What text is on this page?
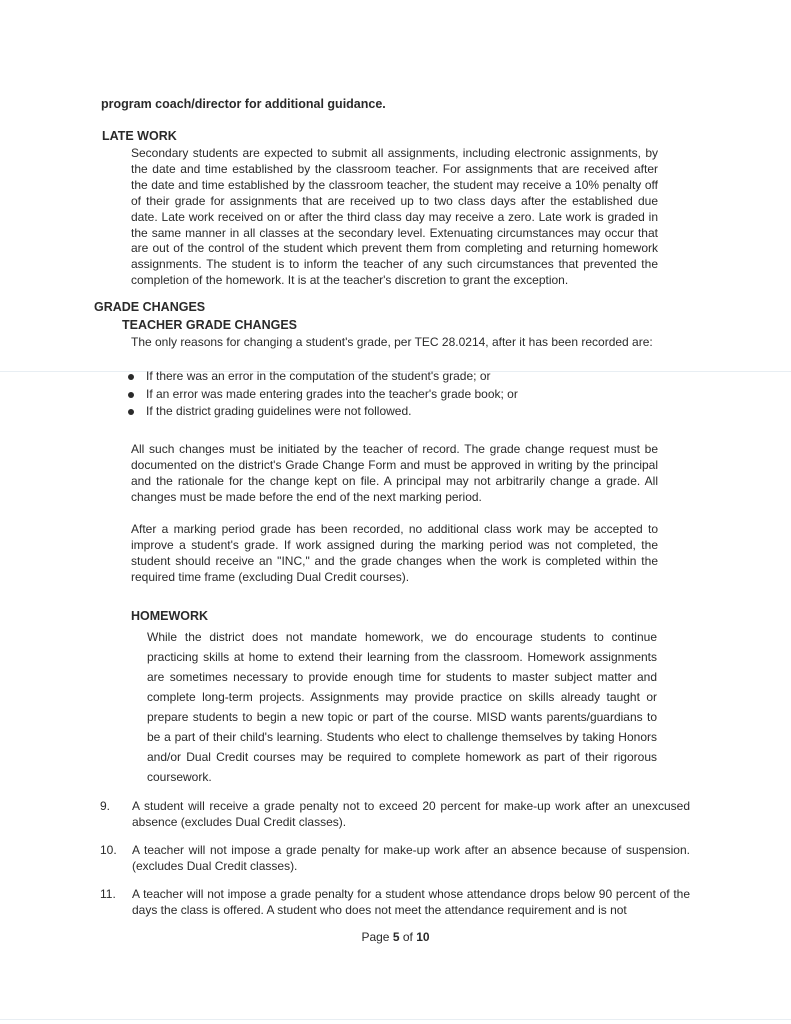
program coach/director for additional guidance.

LATE WORK

Secondary students are expected to submit all assignments, including electronic assignments, by the date and time established by the classroom teacher. For assignments that are received after the date and time established by the classroom teacher, the student may receive a 10% penalty off of their grade for assignments that are received up to two class days after the established due date. Late work received on or after the third class day may receive a zero. Late work is graded in the same manner in all classes at the secondary level. Extenuating circumstances may occur that are out of the control of the student which prevent them from completing and returning homework assignments. The student is to inform the teacher of any such circumstances that prevented the completion of the homework. It is at the teacher's discretion to grant the exception.

GRADE CHANGES

TEACHER GRADE CHANGES

The only reasons for changing a student's grade, per TEC 28.0214, after it has been recorded are:

If there was an error in the computation of the student's grade; or
If an error was made entering grades into the teacher's grade book; or
If the district grading guidelines were not followed.

All such changes must be initiated by the teacher of record. The grade change request must be documented on the district's Grade Change Form and must be approved in writing by the principal and the rationale for the change kept on file. A principal may not arbitrarily change a grade. All changes must be made before the end of the next marking period.

After a marking period grade has been recorded, no additional class work may be accepted to improve a student's grade. If work assigned during the marking period was not completed, the student should receive an "INC," and the grade changes when the work is completed within the required time frame (excluding Dual Credit courses).

HOMEWORK

While the district does not mandate homework, we do encourage students to continue practicing skills at home to extend their learning from the classroom. Homework assignments are sometimes necessary to provide enough time for students to master subject matter and complete long-term projects. Assignments may provide practice on skills already taught or prepare students to begin a new topic or part of the course. MISD wants parents/guardians to be a part of their child's learning. Students who elect to challenge themselves by taking Honors and/or Dual Credit courses may be required to complete homework as part of their rigorous coursework.

9.	A student will receive a grade penalty not to exceed 20 percent for make-up work after an unexcused absence (excludes Dual Credit classes).
10.	A teacher will not impose a grade penalty for make-up work after an absence because of suspension. (excludes Dual Credit classes).
11.	A teacher will not impose a grade penalty for a student whose attendance drops below 90 percent of the days the class is offered. A student who does not meet the attendance requirement and is not
Page 5 of 10
